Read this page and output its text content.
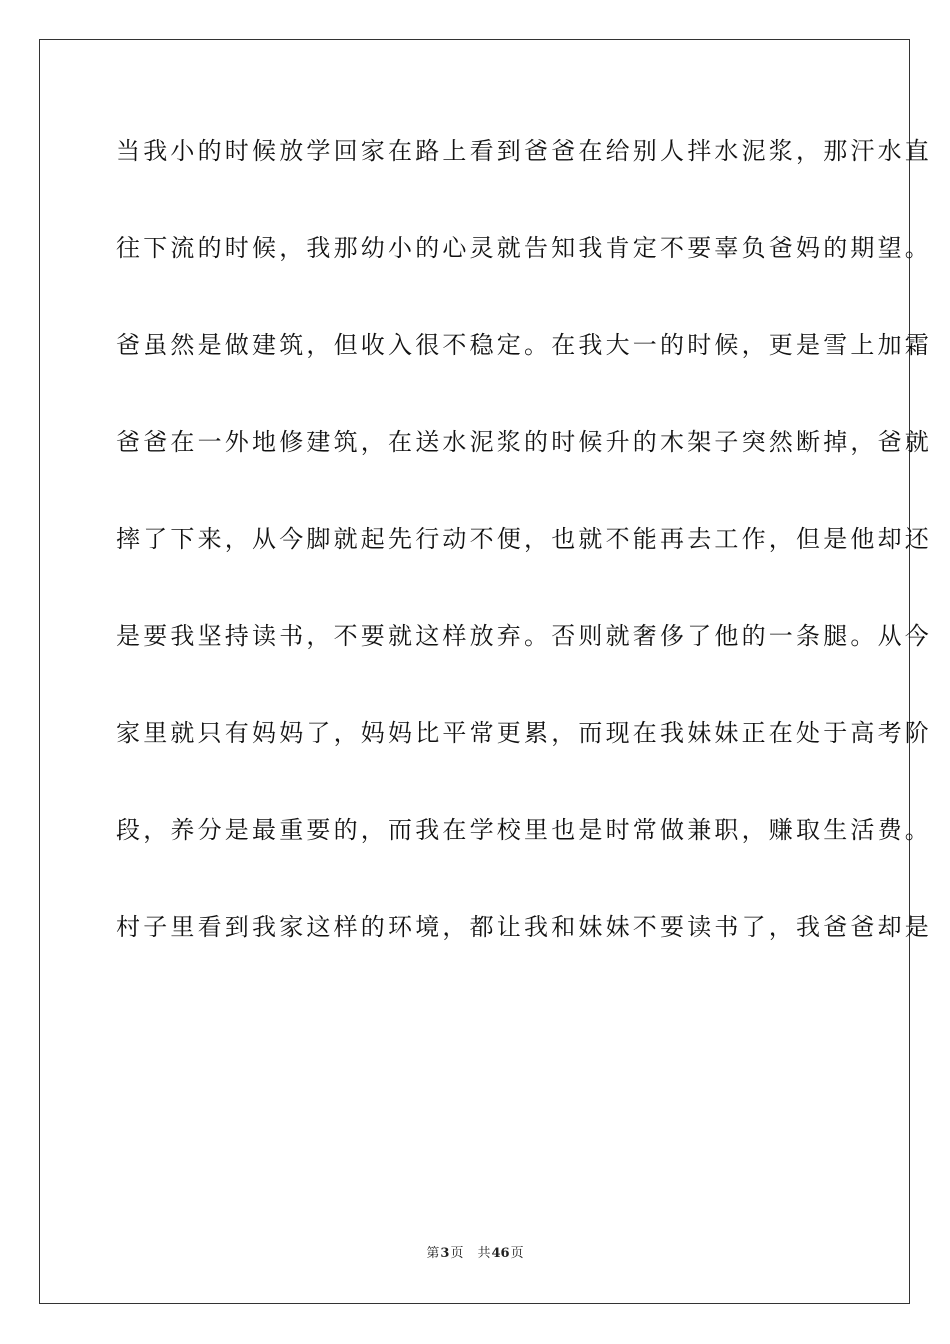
当我小的时候放学回家在路上看到爸爸在给别人拌水泥浆，那汗水直
往下流的时候，我那幼小的心灵就告知我肯定不要辜负爸妈的期望。
爸虽然是做建筑，但收入很不稳定。在我大一的时候，更是雪上加霜
爸爸在一外地修建筑，在送水泥浆的时候升的木架子突然断掉，爸就
摔了下来，从今脚就起先行动不便，也就不能再去工作，但是他却还
是要我坚持读书，不要就这样放弃。否则就奢侈了他的一条腿。从今
家里就只有妈妈了，妈妈比平常更累，而现在我妹妹正在处于高考阶
段，养分是最重要的，而我在学校里也是时常做兼职，赚取生活费。
村子里看到我家这样的环境，都让我和妹妹不要读书了，我爸爸却是
第3页 共46页
